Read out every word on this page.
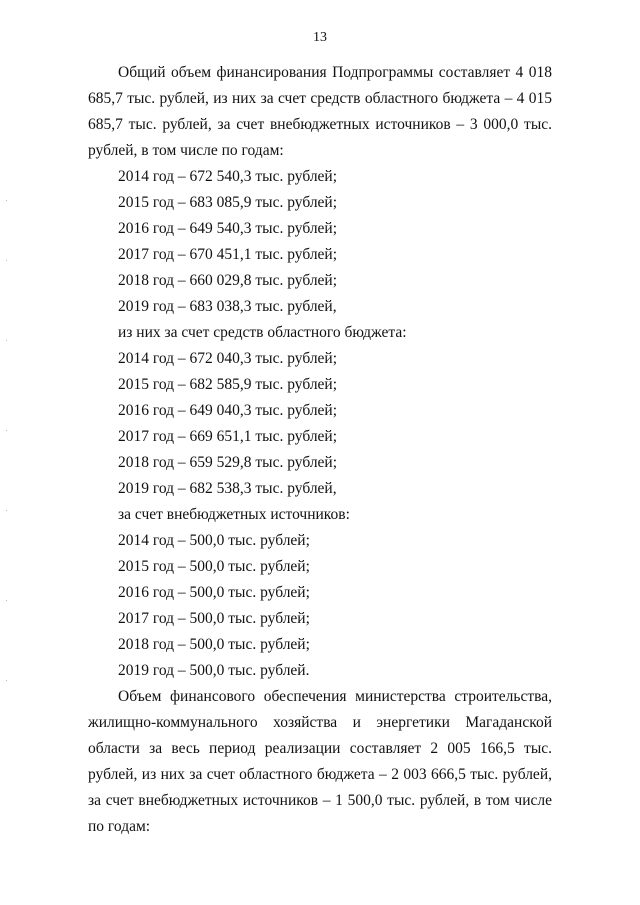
13

Общий объем финансирования Подпрограммы составляет 4 018 685,7 тыс. рублей, из них за счет средств областного бюджета – 4 015 685,7 тыс. рублей, за счет внебюджетных источников – 3 000,0 тыс. рублей, в том числе по годам:

2014 год – 672 540,3 тыс. рублей;

2015 год – 683 085,9 тыс. рублей;

2016 год – 649 540,3 тыс. рублей;

2017 год – 670 451,1 тыс. рублей;

2018 год – 660 029,8 тыс. рублей;

2019 год – 683 038,3 тыс. рублей,

из них за счет средств областного бюджета:

2014 год – 672 040,3 тыс. рублей;

2015 год – 682 585,9 тыс. рублей;

2016 год – 649 040,3 тыс. рублей;

2017 год – 669 651,1 тыс. рублей;

2018 год – 659 529,8 тыс. рублей;

2019 год – 682 538,3 тыс. рублей,

за счет внебюджетных источников:

2014 год – 500,0 тыс. рублей;

2015 год – 500,0 тыс. рублей;

2016 год – 500,0 тыс. рублей;

2017 год – 500,0 тыс. рублей;

2018 год – 500,0 тыс. рублей;

2019 год – 500,0 тыс. рублей.

Объем финансового обеспечения министерства строительства, жилищно-коммунального хозяйства и энергетики Магаданской области за весь период реализации составляет 2 005 166,5 тыс. рублей, из них за счет областного бюджета – 2 003 666,5 тыс. рублей, за счет внебюджетных источников – 1 500,0 тыс. рублей, в том числе по годам:
